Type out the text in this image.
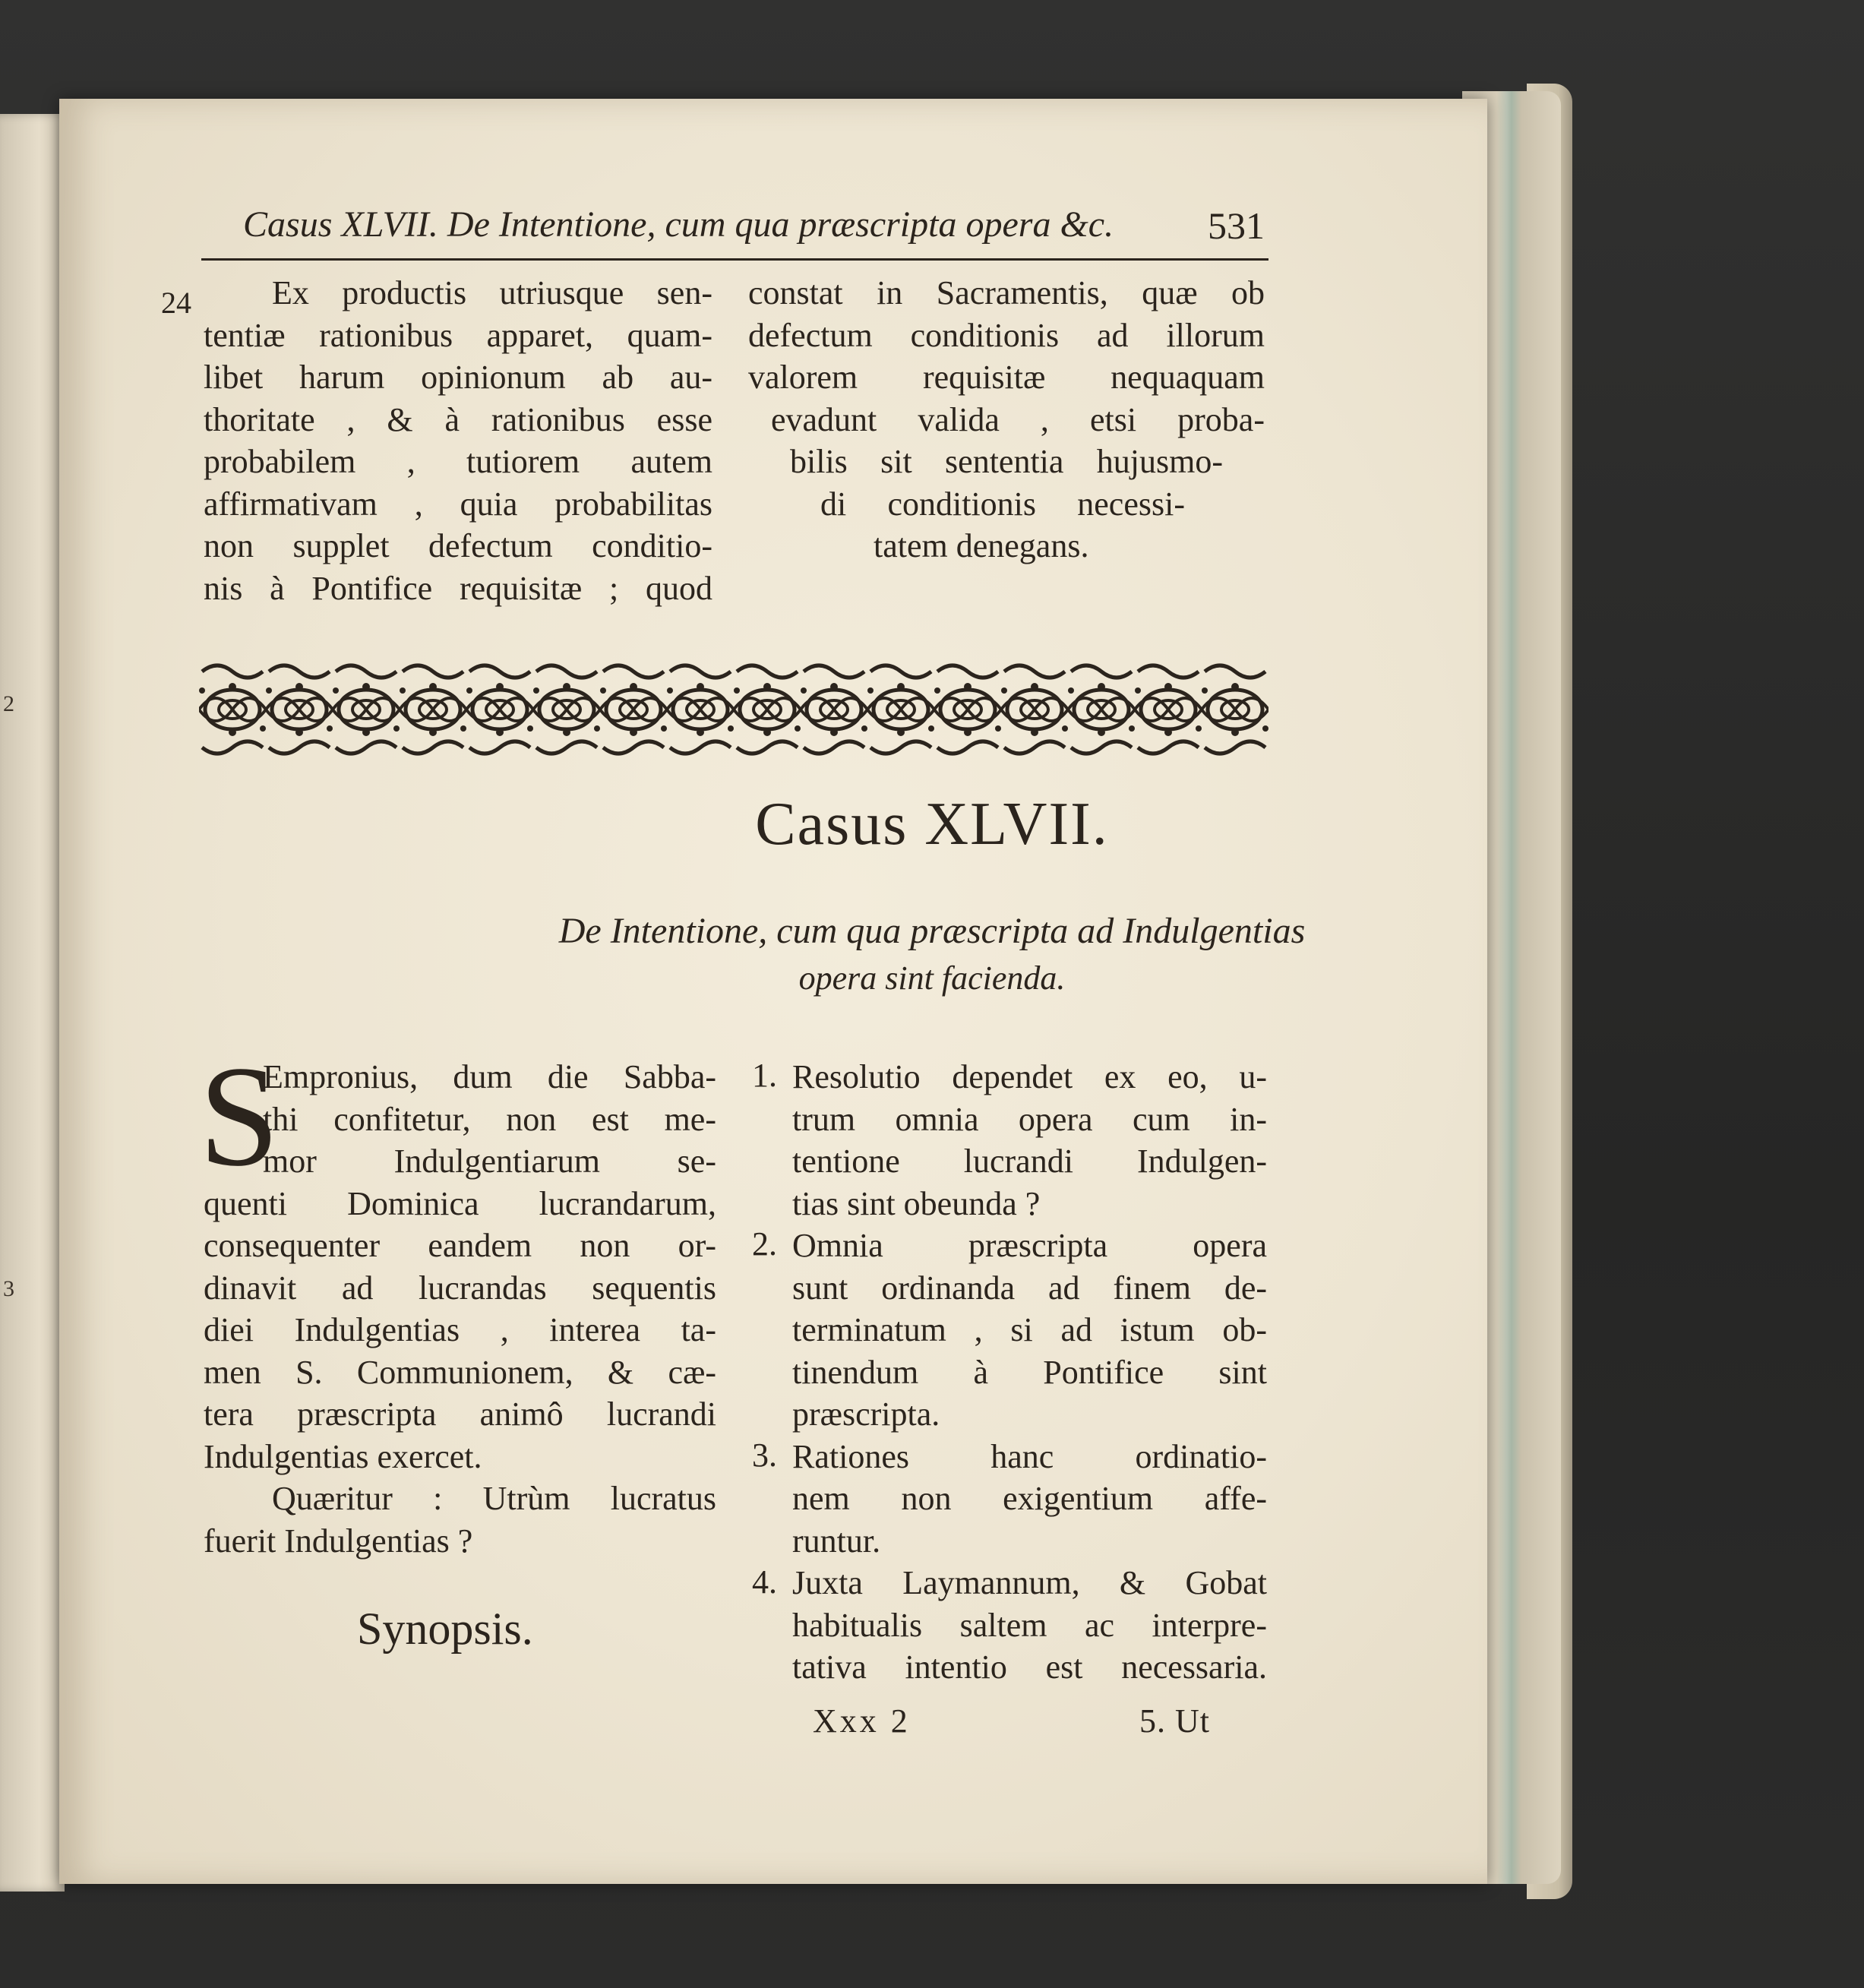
2
3
Casus XLVII. De Intentione, cum qua præscripta opera &c. 531
24	Ex productis utriusque sen-
tentiæ rationibus apparet, quam-
libet harum opinionum ab au-
thoritate , & à rationibus esse
probabilem , tutiorem autem
affirmativam , quia probabilitas
non supplet defectum conditio-
nis à Pontifice requisitæ ; quod
constat in Sacramentis, quæ ob
defectum conditionis ad illorum
valorem requisitæ nequaquam
evadunt valida , etsi proba-
bilis sit sententia hujusmo-
di conditionis necessi-
tatem denegans.
Casus XLVII.
De Intentione, cum qua præscripta ad Indulgentias
opera sint facienda.
S
Empronius, dum die Sabba-
thi confitetur, non est me-
mor Indulgentiarum se-
quenti Dominica lucrandarum,
consequenter eandem non or-
dinavit ad lucrandas sequentis
diei Indulgentias , interea ta-
men S. Communionem, & cæ-
tera præscripta animô lucrandi
Indulgentias exercet.
Quæritur : Utrùm lucratus
fuerit Indulgentias ?
Synopsis.
1.
2.
3.
4.
Resolutio dependet ex eo, u-
trum omnia opera cum in-
tentione lucrandi Indulgen-
tias sint obeunda ?
Omnia præscripta opera
sunt ordinanda ad finem de-
terminatum , si ad istum ob-
tinendum à Pontifice sint
præscripta.
Rationes hanc ordinatio-
nem non exigentium affe-
runtur.
Juxta Laymannum, & Gobat
habitualis saltem ac interpre-
tativa intentio est necessaria.
Xxx 2	5. Ut
